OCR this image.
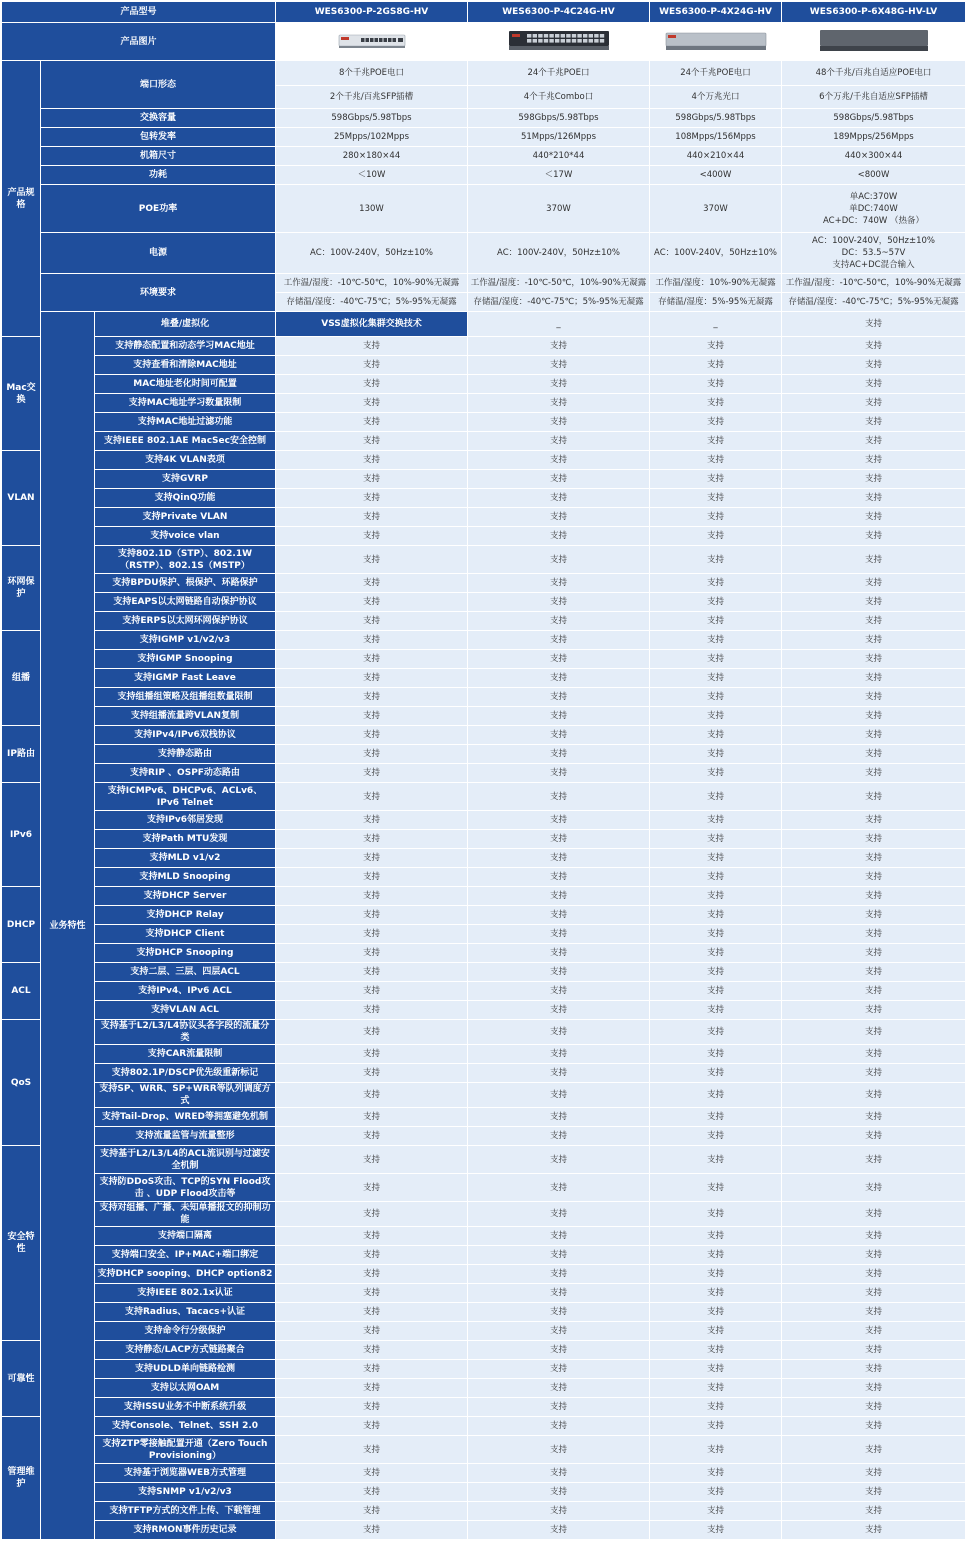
产品型号			WES6300-P-2GS8G-HV	WES6300-P-4C24G-HV	WES6300-P-4X24G-HV	WES6300-P-6X48G-HV-LV	
产品图片				
产品规格	端口形态		8个千兆POE电口	24个千兆POE口	24个千兆POE电口	48个千兆/百兆自适应POE电口	
			2个千兆/百兆SFP插槽	4个千兆Combo口	4个万兆光口	6个万兆/千兆自适应SFP插槽	
	交换容量		598Gbps/5.98Tbps	598Gbps/5.98Tbps	598Gbps/5.98Tbps	598Gbps/5.98Tbps	
	包转发率		25Mpps/102Mpps	51Mpps/126Mpps	108Mpps/156Mpps	189Mpps/256Mpps	
	机箱尺寸		280×180×44	440*210*44	440×210×44	440×300×44	
	功耗		＜10W	＜17W	<400W	<800W	
	POE功率		130W	370W	370W	单AC:370W
单DC:740W
AC+DC：740W （热备）	

	电源		AC：100V-240V，50Hz±10%	AC：100V-240V，50Hz±10%	AC：100V-240V，50Hz±10%	AC：100V-240V，50Hz±10%
DC：53.5~57V
支持AC+DC混合输入	

	环境要求		工作温/湿度：-10℃-50℃，10%-90%无凝露	工作温/湿度：-10℃-50℃，10%-90%无凝露	工作温/湿度：10%-90%无凝露	工作温/湿度：-10℃-50℃，10%-90%无凝露	
			存储温/湿度：-40℃-75℃；5%-95%无凝露	存储温/湿度：-40℃-75℃；5%-95%无凝露	存储温/湿度：5%-95%无凝露	存储温/湿度：-40℃-75℃；5%-95%无凝露	
	业务特性	堆叠/虚拟化	VSS虚拟化集群交换技术	_	_	支持	
Mac交换		支持静态配置和动态学习MAC地址	支持	支持	支持	支持	
		支持查看和清除MAC地址	支持	支持	支持	支持	
		MAC地址老化时间可配置	支持	支持	支持	支持	
		支持MAC地址学习数量限制	支持	支持	支持	支持	
		支持MAC地址过滤功能	支持	支持	支持	支持	
		支持IEEE 802.1AE MacSec安全控制	支持	支持	支持	支持	
VLAN		支持4K VLAN表项	支持	支持	支持	支持	
		支持GVRP	支持	支持	支持	支持	
		支持QinQ功能	支持	支持	支持	支持	
		支持Private VLAN	支持	支持	支持	支持	
		支持voice vlan	支持	支持	支持	支持	
环网保护		支持802.1D（STP）、802.1W（RSTP）、802.1S（MSTP）	支持	支持	支持	支持	
		支持BPDU保护、根保护、环路保护	支持	支持	支持	支持	
		支持EAPS以太网链路自动保护协议	支持	支持	支持	支持	
		支持ERPS以太网环网保护协议	支持	支持	支持	支持	
组播		支持IGMP v1/v2/v3	支持	支持	支持	支持	
		支持IGMP Snooping	支持	支持	支持	支持	
		支持IGMP Fast Leave	支持	支持	支持	支持	
		支持组播组策略及组播组数量限制	支持	支持	支持	支持	
		支持组播流量跨VLAN复制	支持	支持	支持	支持	
IP路由		支持IPv4/IPv6双栈协议	支持	支持	支持	支持	
		支持静态路由	支持	支持	支持	支持	
		支持RIP 、OSPF动态路由	支持	支持	支持	支持	
IPv6		支持ICMPv6、DHCPv6、ACLv6、IPv6 Telnet	支持	支持	支持	支持	
		支持IPv6邻居发现	支持	支持	支持	支持	
		支持Path MTU发现	支持	支持	支持	支持	
		支持MLD v1/v2	支持	支持	支持	支持	
		支持MLD Snooping	支持	支持	支持	支持	
DHCP		支持DHCP Server	支持	支持	支持	支持	
		支持DHCP Relay	支持	支持	支持	支持	
		支持DHCP Client	支持	支持	支持	支持	
		支持DHCP Snooping	支持	支持	支持	支持	
ACL		支持二层、三层、四层ACL	支持	支持	支持	支持	
		支持IPv4、IPv6 ACL	支持	支持	支持	支持	
		支持VLAN ACL	支持	支持	支持	支持	
QoS		支持基于L2/L3/L4协议头各字段的流量分类	支持	支持	支持	支持	
		支持CAR流量限制	支持	支持	支持	支持	
		支持802.1P/DSCP优先级重新标记	支持	支持	支持	支持	
		支持SP、WRR、SP+WRR等队列调度方式	支持	支持	支持	支持	
		支持Tail-Drop、WRED等拥塞避免机制	支持	支持	支持	支持	
		支持流量监管与流量整形	支持	支持	支持	支持	
安全特性		支持基于L2/L3/L4的ACL流识别与过滤安全机制	支持	支持	支持	支持	
		支持防DDoS攻击、TCP的SYN Flood攻击 、UDP Flood攻击等	支持	支持	支持	支持	
		支持对组播、广播、未知单播报文的抑制功能	支持	支持	支持	支持	
		支持端口隔离	支持	支持	支持	支持	
		支持端口安全、IP+MAC+端口绑定	支持	支持	支持	支持	
		支持DHCP sooping、DHCP option82	支持	支持	支持	支持	
		支持IEEE 802.1x认证	支持	支持	支持	支持	
		支持Radius、Tacacs+认证	支持	支持	支持	支持	
		支持命令行分级保护	支持	支持	支持	支持	
可靠性		支持静态/LACP方式链路聚合	支持	支持	支持	支持	
		支持UDLD单向链路检测	支持	支持	支持	支持	
		支持以太网OAM	支持	支持	支持	支持	
		支持ISSU业务不中断系统升级	支持	支持	支持	支持	
管理维护		支持Console、Telnet、SSH 2.0	支持	支持	支持	支持	
		支持ZTP零接触配置开通（Zero Touch Provisioning）	支持	支持	支持	支持	
		支持基于浏览器WEB方式管理	支持	支持	支持	支持	
		支持SNMP v1/v2/v3	支持	支持	支持	支持	
		支持TFTP方式的文件上传、下载管理	支持	支持	支持	支持	
		支持RMON事件历史记录	支持	支持	支持	支持	
